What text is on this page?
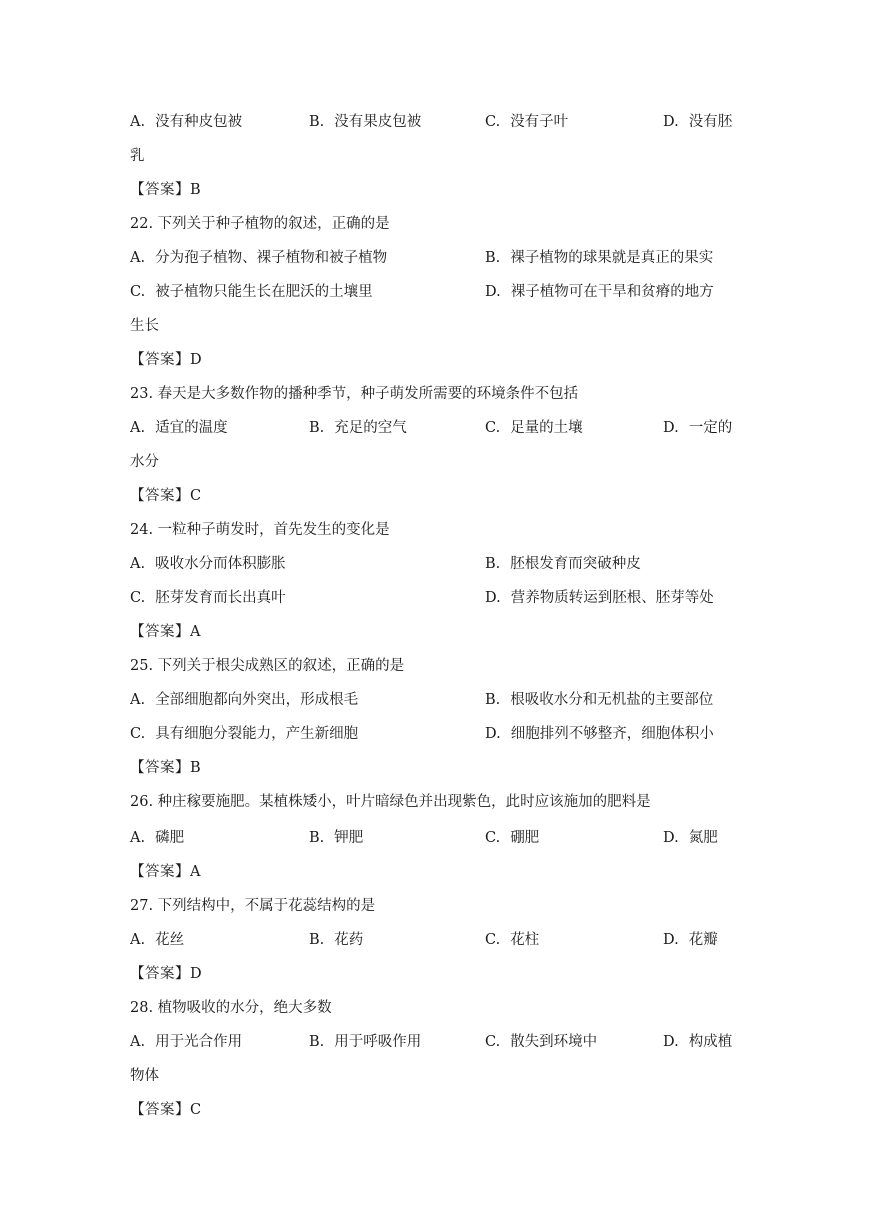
A. 没有种皮包被	B. 没有果皮包被	C. 没有子叶	D. 没有胚
乳
【答案】B
22. 下列关于种子植物的叙述，正确的是
A. 分为孢子植物、裸子植物和被子植物	B. 裸子植物的球果就是真正的果实
C. 被子植物只能生长在肥沃的土壤里	D. 裸子植物可在干旱和贫瘠的地方
生长
【答案】D
23. 春天是大多数作物的播种季节，种子萌发所需要的环境条件不包括
A. 适宜的温度	B. 充足的空气	C. 足量的土壤	D. 一定的
水分
【答案】C
24. 一粒种子萌发时，首先发生的变化是
A. 吸收水分而体积膨胀	B. 胚根发育而突破种皮
C. 胚芽发育而长出真叶	D. 营养物质转运到胚根、胚芽等处
【答案】A
25. 下列关于根尖成熟区的叙述，正确的是
A. 全部细胞都向外突出，形成根毛	B. 根吸收水分和无机盐的主要部位
C. 具有细胞分裂能力，产生新细胞	D. 细胞排列不够整齐，细胞体积小
【答案】B
26. 种庄稼要施肥。某植株矮小，叶片暗绿色并出现紫色，此时应该施加的肥料是
A. 磷肥	B. 钾肥	C. 硼肥	D. 氮肥
【答案】A
27. 下列结构中，不属于花蕊结构的是
A. 花丝	B. 花药	C. 花柱	D. 花瓣
【答案】D
28. 植物吸收的水分，绝大多数
A. 用于光合作用	B. 用于呼吸作用	C. 散失到环境中	D. 构成植
物体
【答案】C
